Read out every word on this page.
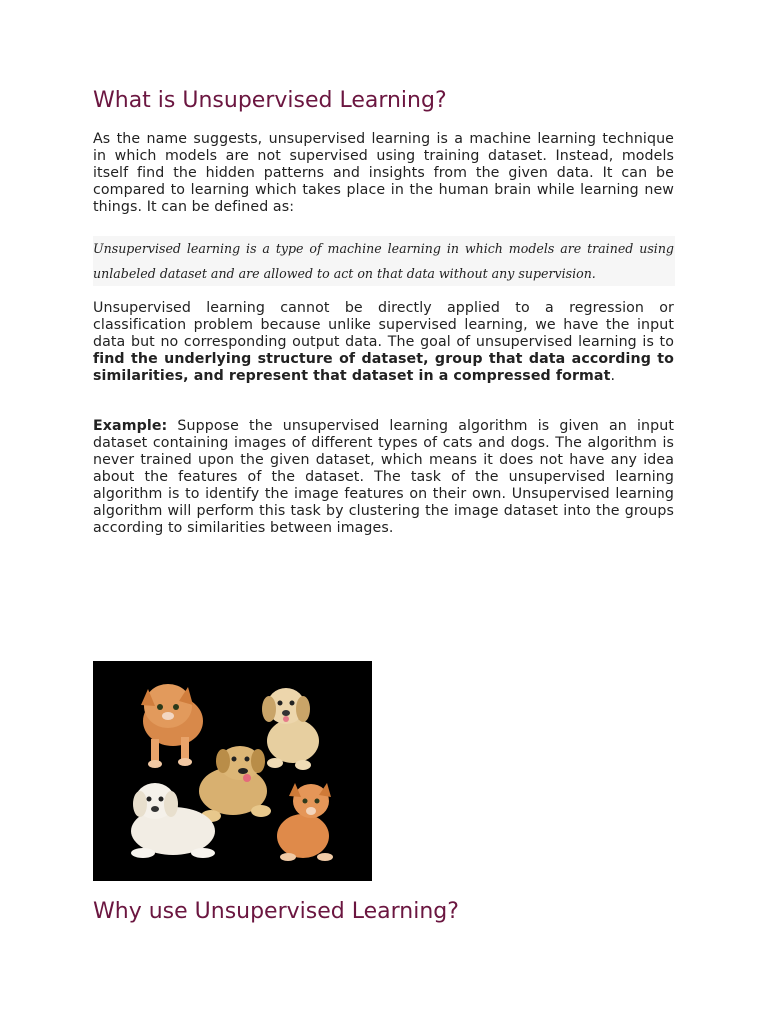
What is Unsupervised Learning?

As the name suggests, unsupervised learning is a machine learning technique in which models are not supervised using training dataset. Instead, models itself find the hidden patterns and insights from the given data. It can be compared to learning which takes place in the human brain while learning new things. It can be defined as:

Unsupervised learning is a type of machine learning in which models are trained using unlabeled dataset and are allowed to act on that data without any supervision.

Unsupervised learning cannot be directly applied to a regression or classification problem because unlike supervised learning, we have the input data but no corresponding output data. The goal of unsupervised learning is to find the underlying structure of dataset, group that data according to similarities, and represent that dataset in a compressed format.

Example: Suppose the unsupervised learning algorithm is given an input dataset containing images of different types of cats and dogs. The algorithm is never trained upon the given dataset, which means it does not have any idea about the features of the dataset. The task of the unsupervised learning algorithm is to identify the image features on their own. Unsupervised learning algorithm will perform this task by clustering the image dataset into the groups according to similarities between images.

Why use Unsupervised Learning?
